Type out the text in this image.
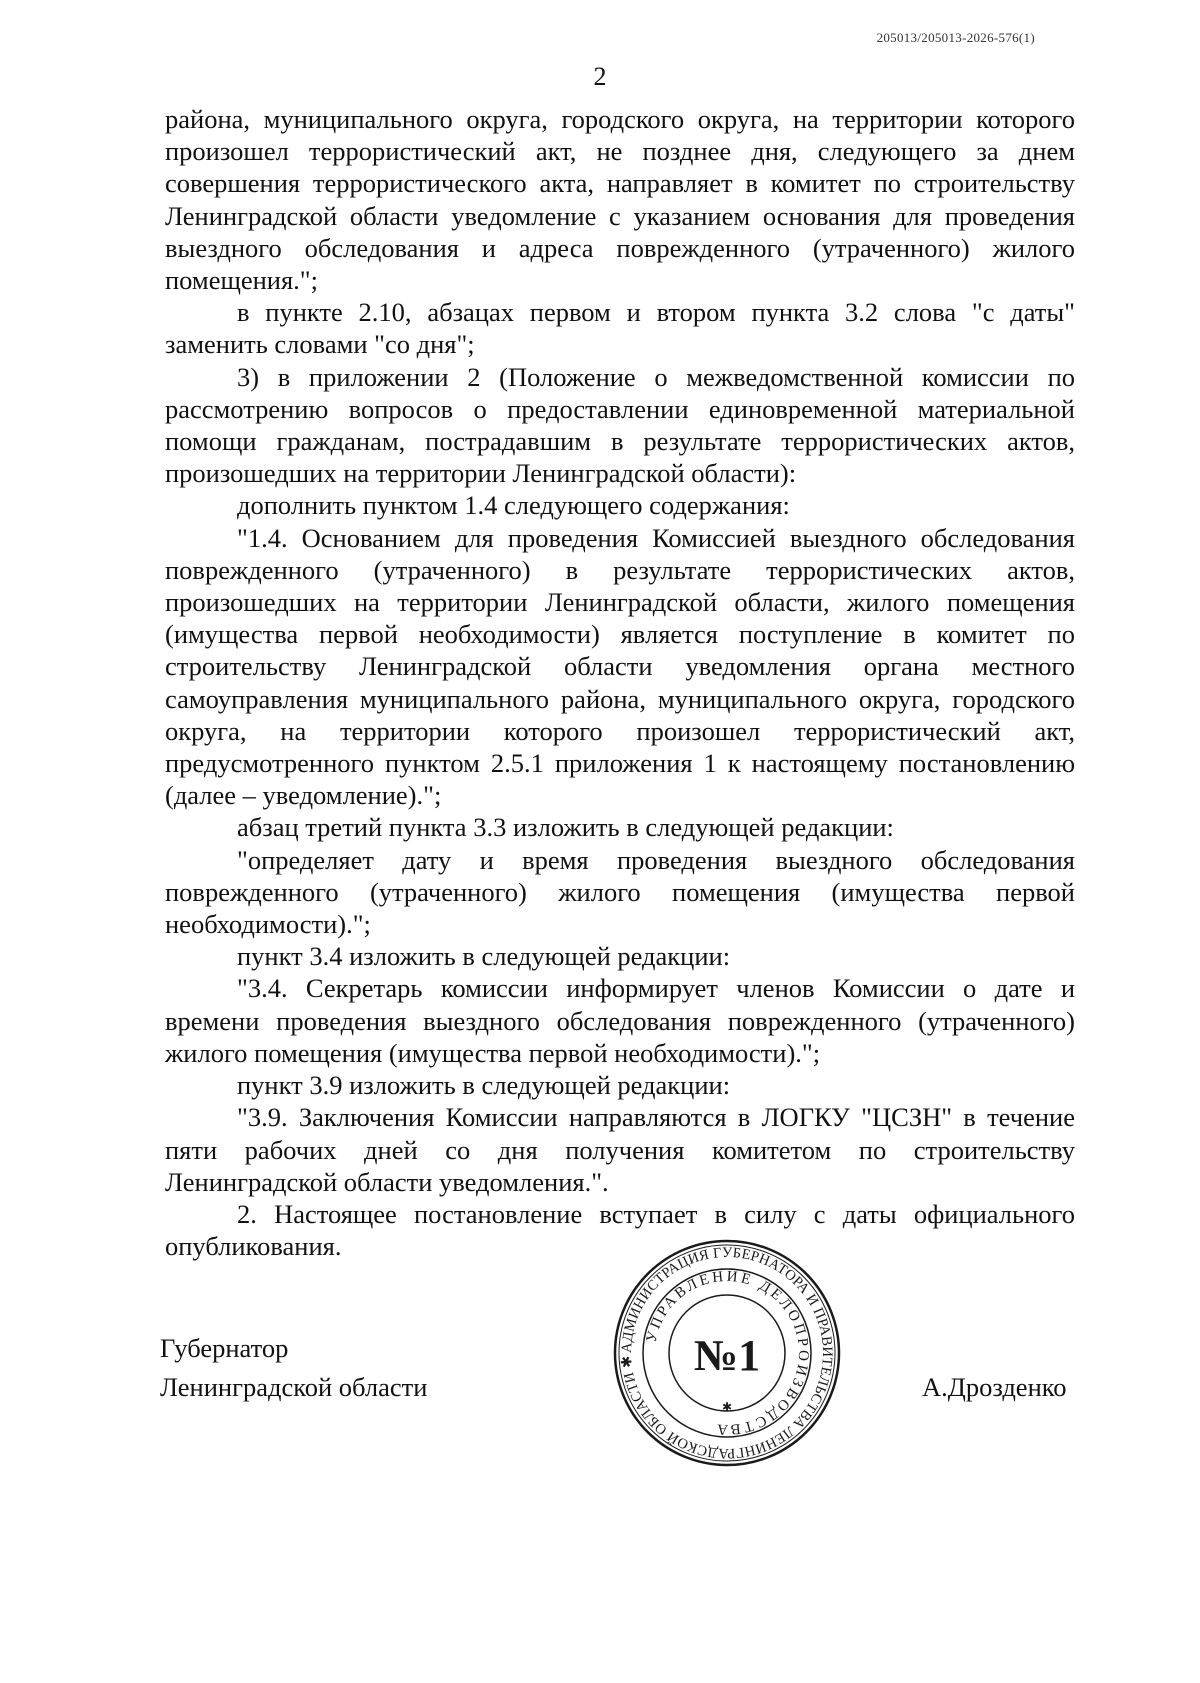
205013/205013-2026-576(1)
2

района, муниципального округа, городского округа, на территории которого произошел террористический акт, не позднее дня, следующего за днем совершения террористического акта, направляет в комитет по строительству Ленинградской области уведомление с указанием основания для проведения выездного обследования и адреса поврежденного (утраченного) жилого помещения.";

в пункте 2.10, абзацах первом и втором пункта 3.2 слова "с даты" заменить словами "со дня";

3) в приложении 2 (Положение о межведомственной комиссии по рассмотрению вопросов о предоставлении единовременной материальной помощи гражданам, пострадавшим в результате террористических актов, произошедших на территории Ленинградской области):

дополнить пунктом 1.4 следующего содержания:

"1.4. Основанием для проведения Комиссией выездного обследования поврежденного (утраченного) в результате террористических актов, произошедших на территории Ленинградской области, жилого помещения (имущества первой необходимости) является поступление в комитет по строительству Ленинградской области уведомления органа местного самоуправления муниципального района, муниципального округа, городского округа, на территории которого произошел террористический акт, предусмотренного пунктом 2.5.1 приложения 1 к настоящему постановлению (далее – уведомление).";

абзац третий пункта 3.3 изложить в следующей редакции:

"определяет дату и время проведения выездного обследования поврежденного (утраченного) жилого помещения (имущества первой необходимости).";

пункт 3.4 изложить в следующей редакции:

"3.4. Секретарь комиссии информирует членов Комиссии о дате и времени проведения выездного обследования поврежденного (утраченного) жилого помещения (имущества первой необходимости).";

пункт 3.9 изложить в следующей редакции:

"3.9. Заключения Комиссии направляются в ЛОГКУ "ЦСЗН" в течение пяти рабочих дней со дня получения комитетом по строительству Ленинградской области уведомления.".

2. Настоящее постановление вступает в силу с даты официального опубликования.

Губернатор
Ленинградской области	А.Дрозденко
АДМИНИСТРАЦИЯ ГУБЕРНАТОРА И ПРАВИТЕЛЬСТВА ЛЕНИНГРАДСКОЙ ОБЛАСТИ ✱
УПРАВЛЕНИЕ ДЕЛОПРОИЗВОДСТВА
№1
✱
